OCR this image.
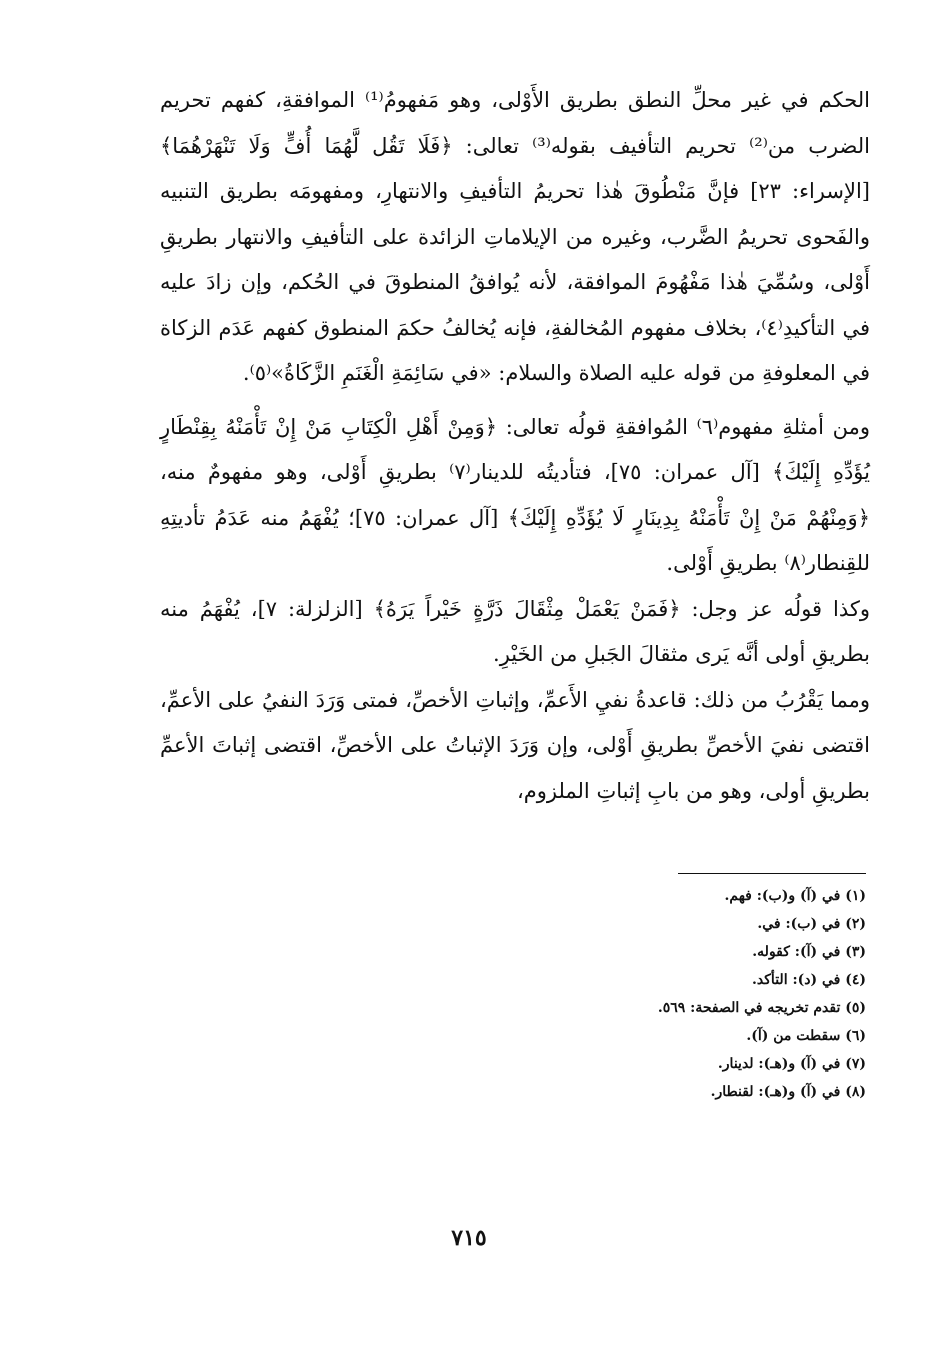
الحكم في غير محلِّ النطق بطريق الأَوْلى، وهو مَفهومُ⁽¹⁾ الموافقةِ، كفهم تحريم الضرب من⁽²⁾ تحريم التأفيف بقوله⁽³⁾ تعالى: ﴿فَلَا تَقُل لَّهُمَا أُفٍّ وَلَا تَنْهَرْهُمَا﴾ [الإسراء: ٢٣] فإنَّ مَنْطُوقَ هٰذا تحريمُ التأفيفِ والانتهارِ، ومفهومَه بطريق التنبيه والفَحوى تحريمُ الضَّرب، وغيره من الإيلاماتِ الزائدة على التأفيفِ والانتهار بطريقِ أَوْلى، وسُمِّيَ هٰذا مَفْهُومَ الموافقة، لأنه يُوافقُ المنطوقَ في الحُكم، وإن زادَ عليه في التأكيدِ⁽٤⁾، بخلاف مفهوم المُخالفةِ، فإنه يُخالفُ حكمَ المنطوق كفهم عَدَم الزكاة في المعلوفةِ من قوله عليه الصلاة والسلام: «في سَائِمَةِ الْغَنَمِ الزَّكَاةُ»⁽٥⁾.

ومن أمثلةِ مفهوم⁽٦⁾ المُوافقةِ قولُه تعالى: ﴿وَمِنْ أَهْلِ الْكِتَابِ مَنْ إِنْ تَأْمَنْهُ بِقِنْطَارٍ يُؤَدِّهِ إِلَيْكَ﴾ [آل عمران: ٧٥]، فتأديتُه للدينار⁽٧⁾ بطريقِ أَوْلى، وهو مفهومٌ منه، ﴿وَمِنْهُمْ مَنْ إِنْ تَأْمَنْهُ بِدِينَارٍ لَا يُؤَدِّهِ إِلَيْكَ﴾ [آل عمران: ٧٥]؛ يُفْهَمُ منه عَدَمُ تأديتِهِ للقِنطار⁽٨⁾ بطريقِ أَوْلى.

وكذا قولُه عز وجل: ﴿فَمَنْ يَعْمَلْ مِثْقَالَ ذَرَّةٍ خَيْراً يَرَهُ﴾ [الزلزلة: ٧]، يُفْهَمُ منه بطريقِ أولى أنَّه يَرى مثقالَ الجَبلِ من الخَيْرِ.

ومما يَقْرُبُ من ذلك: قاعدةُ نفيِ الأَعمِّ، وإثباتِ الأخصِّ، فمتى وَرَدَ النفيُ على الأعمِّ، اقتضى نفيَ الأخصِّ بطريقِ أَوْلى، وإن وَرَدَ الإثباتُ على الأخصِّ، اقتضى إثباتَ الأعمِّ بطريقِ أولى، وهو من بابِ إثباتِ الملزوم،

(١) في (آ) و(ب): فهم.

(٢) في (ب): في.

(٣) في (آ): كقوله.

(٤) في (د): التأكد.

(٥) تقدم تخريجه في الصفحة: ٥٦٩.

(٦) سقطت من (آ).

(٧) في (آ) و(هـ): لدينار.

(٨) في (آ) و(هـ): لقنطار.

٧١٥
